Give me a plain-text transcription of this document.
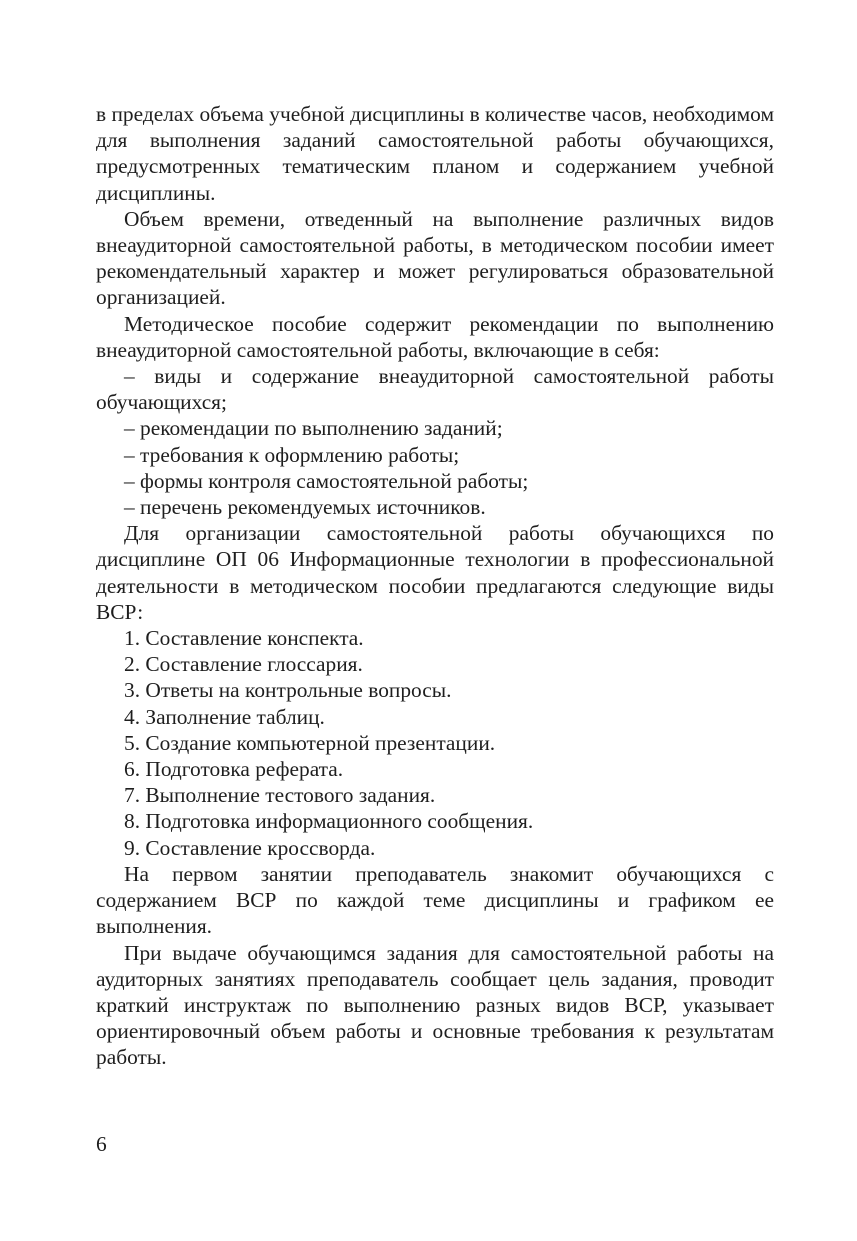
в пределах объема учебной дисциплины в количестве часов, необходимом для выполнения заданий самостоятельной работы обучающихся, предусмотренных тематическим планом и содержанием учебной дисциплины.

Объем времени, отведенный на выполнение различных видов внеаудиторной самостоятельной работы, в методическом пособии имеет рекомендательный характер и может регулироваться образовательной организацией.

Методическое пособие содержит рекомендации по выполнению внеаудиторной самостоятельной работы, включающие в себя:

– виды и содержание внеаудиторной самостоятельной работы обучающихся;

– рекомендации по выполнению заданий;

– требования к оформлению работы;

– формы контроля самостоятельной работы;

– перечень рекомендуемых источников.

Для организации самостоятельной работы обучающихся по дисциплине ОП 06 Информационные технологии в профессиональной деятельности в методическом пособии предлагаются следующие виды ВСР:

1. Составление конспекта.

2. Составление глоссария.

3. Ответы на контрольные вопросы.

4. Заполнение таблиц.

5. Создание компьютерной презентации.

6. Подготовка реферата.

7. Выполнение тестового задания.

8. Подготовка информационного сообщения.

9. Составление кроссворда.

На первом занятии преподаватель знакомит обучающихся с содержанием ВСР по каждой теме дисциплины и графиком ее выполнения.

При выдаче обучающимся задания для самостоятельной работы на аудиторных занятиях преподаватель сообщает цель задания, проводит краткий инструктаж по выполнению разных видов ВСР, указывает ориентировочный объем работы и основные требования к результатам работы.

6
